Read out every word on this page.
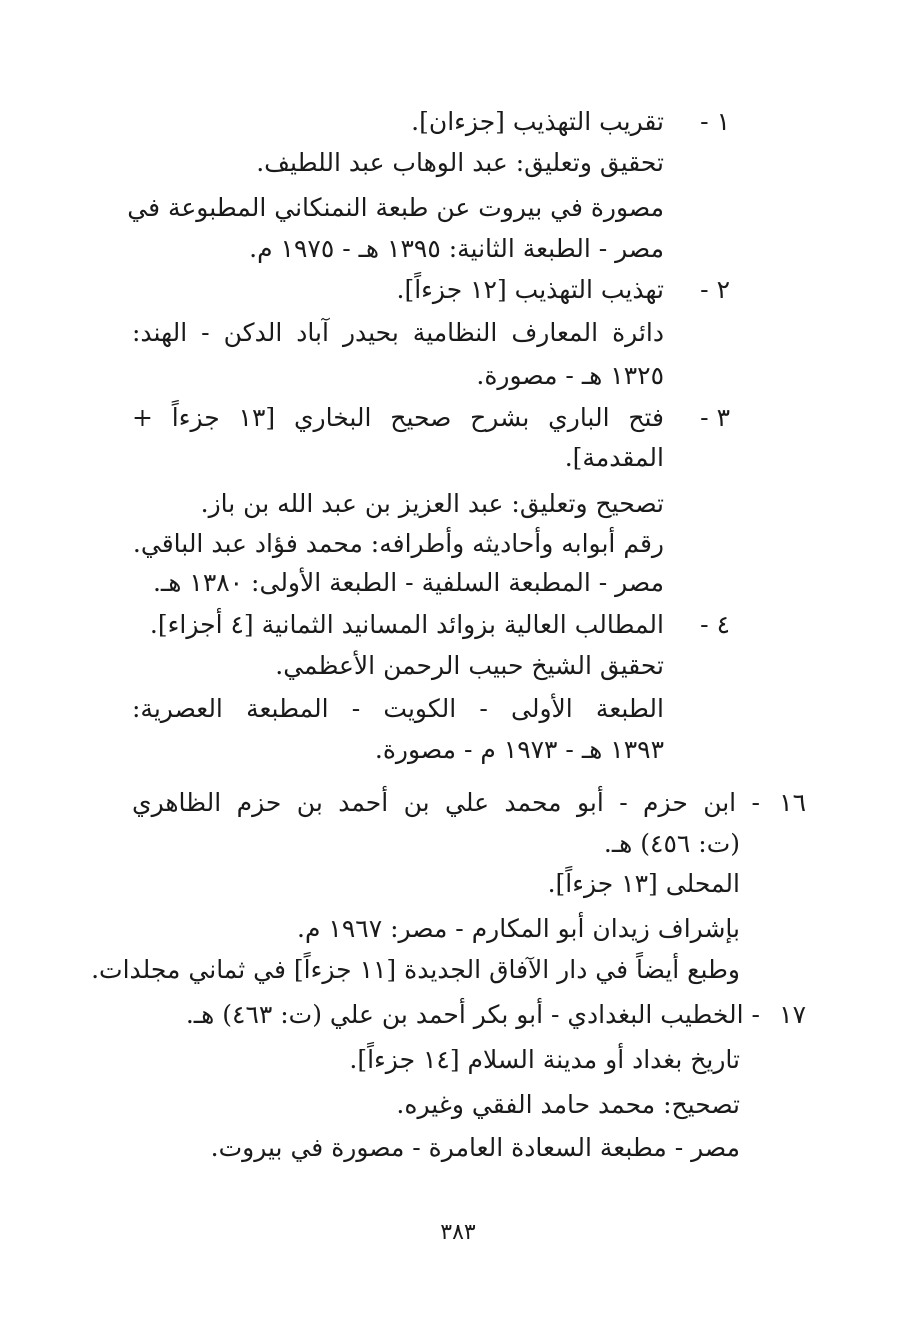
١ -
تقريب التهذيب [جزءان].
تحقيق وتعليق: عبد الوهاب عبد اللطيف.
مصورة في بيروت عن طبعة النمنكاني المطبوعة في
مصر - الطبعة الثانية: ١٣٩٥ هـ - ١٩٧٥ م.
٢ -
تهذيب التهذيب [١٢ جزءاً].
دائرة المعارف النظامية بحيدر آباد الدكن - الهند:
١٣٢٥ هـ - مصورة.
٣ -
فتح الباري بشرح صحيح البخاري [١٣ جزءاً +
المقدمة].
تصحيح وتعليق: عبد العزيز بن عبد الله بن باز.
رقم أبوابه وأحاديثه وأطرافه: محمد فؤاد عبد الباقي.
مصر - المطبعة السلفية - الطبعة الأولى: ١٣٨٠ هـ.
٤ -
المطالب العالية بزوائد المسانيد الثمانية [٤ أجزاء].
تحقيق الشيخ حبيب الرحمن الأعظمي.
الطبعة الأولى - الكويت - المطبعة العصرية:
١٣٩٣ هـ - ١٩٧٣ م - مصورة.
١٦
- ابن حزم - أبو محمد علي بن أحمد بن حزم الظاهري
(ت: ٤٥٦) هـ.
المحلى [١٣ جزءاً].
بإشراف زيدان أبو المكارم - مصر: ١٩٦٧ م.
وطبع أيضاً في دار الآفاق الجديدة [١١ جزءاً] في ثماني مجلدات.
١٧
- الخطيب البغدادي - أبو بكر أحمد بن علي (ت: ٤٦٣) هـ.
تاريخ بغداد أو مدينة السلام [١٤ جزءاً].
تصحيح: محمد حامد الفقي وغيره.
مصر - مطبعة السعادة العامرة - مصورة في بيروت.
٣٨٣
